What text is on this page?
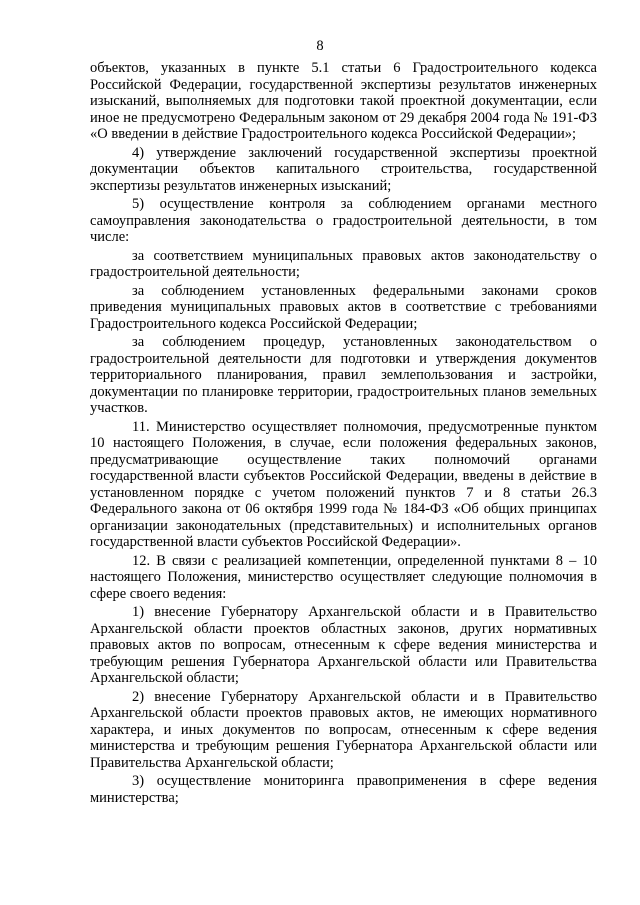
8

объектов, указанных в пункте 5.1 статьи 6 Градостроительного кодекса Российской Федерации, государственной экспертизы результатов инженерных изысканий, выполняемых для подготовки такой проектной документации, если иное не предусмотрено Федеральным законом от 29 декабря 2004 года № 191-ФЗ «О введении в действие Градостроительного кодекса Российской Федерации»;

4) утверждение заключений государственной экспертизы проектной документации объектов капитального строительства, государственной экспертизы результатов инженерных изысканий;

5) осуществление контроля за соблюдением органами местного самоуправления законодательства о градостроительной деятельности, в том числе:

за соответствием муниципальных правовых актов законодательству о градостроительной деятельности;

за соблюдением установленных федеральными законами сроков приведения муниципальных правовых актов в соответствие с требованиями Градостроительного кодекса Российской Федерации;

за соблюдением процедур, установленных законодательством о градостроительной деятельности для подготовки и утверждения документов территориального планирования, правил землепользования и застройки, документации по планировке территории, градостроительных планов земельных участков.

11. Министерство осуществляет полномочия, предусмотренные пунктом 10 настоящего Положения, в случае, если положения федеральных законов, предусматривающие осуществление таких полномочий органами государственной власти субъектов Российской Федерации, введены в действие в установленном порядке с учетом положений пунктов 7 и 8 статьи 26.3 Федерального закона от 06 октября 1999 года № 184-ФЗ «Об общих принципах организации законодательных (представительных) и исполнительных органов государственной власти субъектов Российской Федерации».

12. В связи с реализацией компетенции, определенной пунктами 8 – 10 настоящего Положения, министерство осуществляет следующие полномочия в сфере своего ведения:

1) внесение Губернатору Архангельской области и в Правительство Архангельской области проектов областных законов, других нормативных правовых актов по вопросам, отнесенным к сфере ведения министерства и требующим решения Губернатора Архангельской области или Правительства Архангельской области;

2) внесение Губернатору Архангельской области и в Правительство Архангельской области проектов правовых актов, не имеющих нормативного характера, и иных документов по вопросам, отнесенным к сфере ведения министерства и требующим решения Губернатора Архангельской области или Правительства Архангельской области;

3) осуществление мониторинга правоприменения в сфере ведения министерства;
